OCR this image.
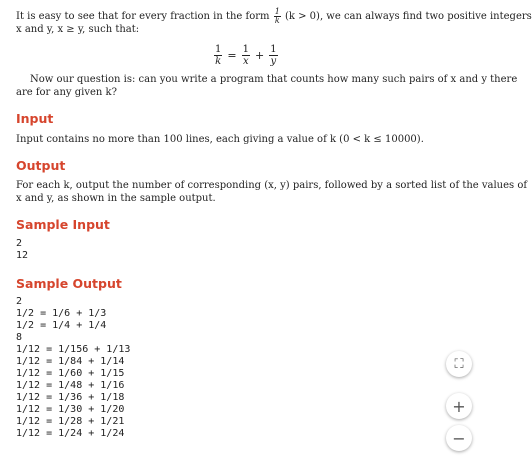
It is easy to see that for every fraction in the form $\frac{1}{k} (k > 0)$, we can always find two positive integers
x and y, x ≥ y, such that:
$\frac{1}{k} = \frac{1}{x} + \frac{1}{y}$
Now our question is: can you write a program that counts how many such pairs of x and y there
are for any given k?
Input
Input contains no more than 100 lines, each giving a value of k (0 < k ≤ 10000).
Output
For each k, output the number of corresponding (x, y) pairs, followed by a sorted list of the values of
x and y, as shown in the sample output.
Sample Input
2
12
Sample Output
2
1/2 = 1/6 + 1/3
1/2 = 1/4 + 1/4
8
1/12 = 1/156 + 1/13
1/12 = 1/84 + 1/14
1/12 = 1/60 + 1/15
1/12 = 1/48 + 1/16
1/12 = 1/36 + 1/18
1/12 = 1/30 + 1/20
1/12 = 1/28 + 1/21
1/12 = 1/24 + 1/24
⛶
+
−
